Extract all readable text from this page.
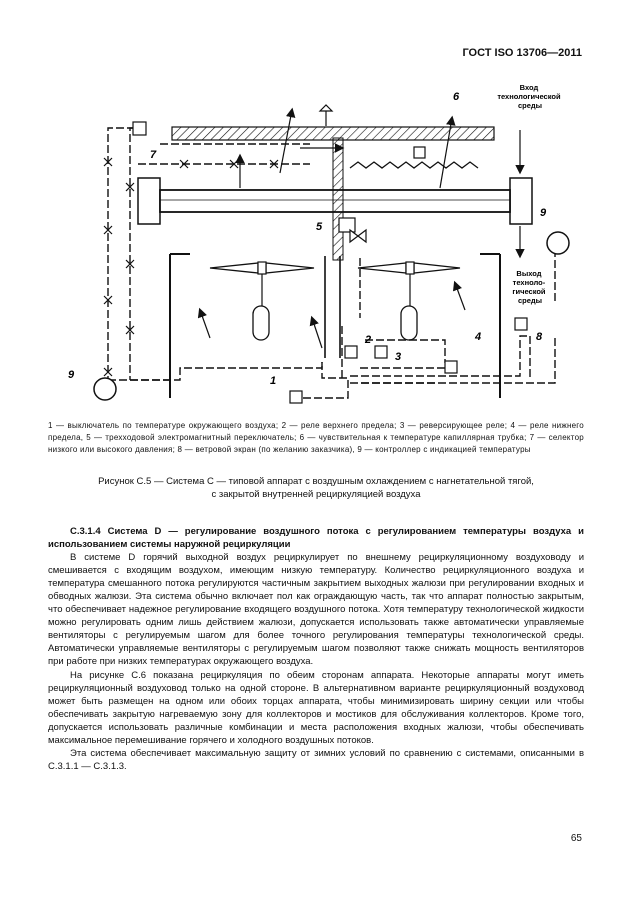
ГОСТ ISO 13706—2011
Вход технологической среды
Выход техноло- гической среды
6
7
5
2
3
4	8
1
9
9
1 — выключатель по температуре окружающего воздуха; 2 — реле верхнего предела; 3 — реверсирующее реле; 4 — реле нижнего предела, 5 — трехходовой электромагнитный переключатель; 6 — чувствительная к температуре капиллярная трубка; 7 — селектор низкого или высокого давления; 8 — ветровой экран (по желанию заказчика), 9 — контроллер с индикацией температуры
Рисунок С.5 — Система С — типовой аппарат с воздушным охлаждением с нагнетательной тягой,
с закрытой внутренней рециркуляцией воздуха

С.3.1.4 Система D — регулирование воздушного потока с регулированием температуры воздуха и использованием системы наружной рециркуляции

В системе D горячий выходной воздух рециркулирует по внешнему рециркуляционному воздуховоду и смешивается с входящим воздухом, имеющим низкую температуру. Количество рециркуляционного воздуха и температура смешанного потока регулируются частичным закрытием выходных жалюзи при регулировании входных и обводных жалюзи. Эта система обычно включает пол как ограждающую часть, так что аппарат полностью закрытым, что обеспечивает надежное регулирование входящего воздушного потока. Хотя температуру технологической жидкости можно регулировать одним лишь действием жалюзи, допускается использовать также автоматически управляемые вентиляторы с регулируемым шагом для более точного регулирования температуры технологической среды. Автоматически управляемые вентиляторы с регулируемым шагом позволяют также снижать мощность вентиляторов при работе при низких температурах окружающего воздуха.

На рисунке С.6 показана рециркуляция по обеим сторонам аппарата. Некоторые аппараты могут иметь рециркуляционный воздуховод только на одной стороне. В альтернативном варианте рециркуляционный воздуховод может быть размещен на одном или обоих торцах аппарата, чтобы минимизировать ширину секции или чтобы обеспечивать закрытую нагреваемую зону для коллекторов и мостиков для обслуживания коллекторов. Кроме того, допускается использовать различные комбинации и места расположения входных жалюзи, чтобы обеспечивать максимальное перемешивание горячего и холодного воздушных потоков.

Эта система обеспечивает максимальную защиту от зимних условий по сравнению с системами, описанными в С.3.1.1 — С.3.1.3.

65
